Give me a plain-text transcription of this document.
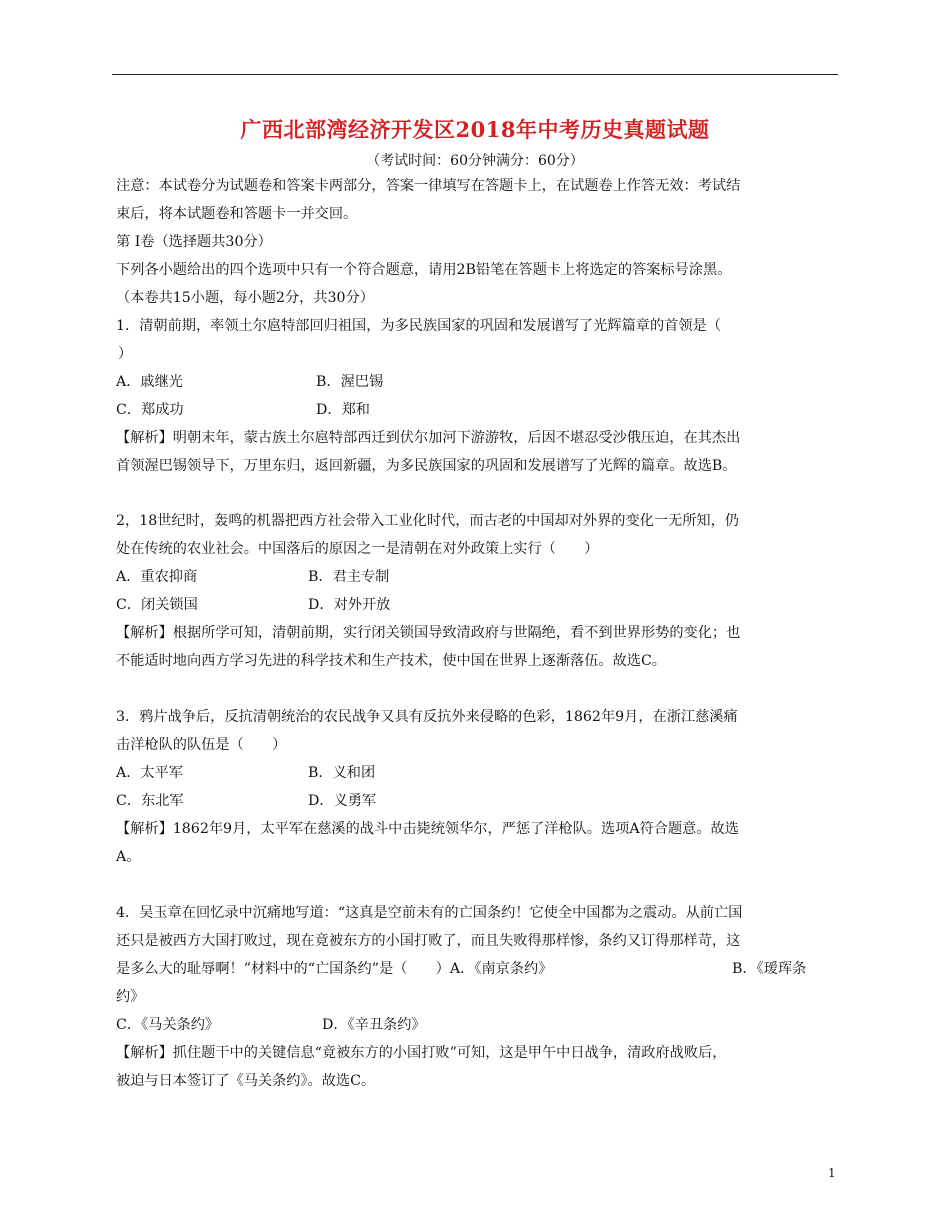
广西北部湾经济开发区2018年中考历史真题试题
（考试时间：60分钟满分：60分）
注意：本试卷分为试题卷和答案卡两部分，答案一律填写在答题卡上，在试题卷上作答无效：考试结
束后，将本试题卷和答题卡一并交回。
第 Ⅰ卷（选择题共30分）
下列各小题给出的四个选项中只有一个符合题意，请用2B铅笔在答题卡上将选定的答案标号涂黑。
（本卷共15小题，每小题2分，共30分）
1．清朝前期，率领土尔扈特部回归祖国，为多民族国家的巩固和发展谱写了光辉篇章的首领是（
）
A．戚继光	B．渥巴锡
C．郑成功	D．郑和
【解析】明朝末年，蒙古族土尔扈特部西迁到伏尔加河下游游牧，后因不堪忍受沙俄压迫，在其杰出
首领渥巴锡领导下，万里东归，返回新疆，为多民族国家的巩固和发展谱写了光辉的篇章。故选B。
2，18世纪时，轰鸣的机器把西方社会带入工业化时代，而古老的中国却对外界的变化一无所知，仍
处在传统的农业社会。中国落后的原因之一是清朝在对外政策上实行（　　）
A．重农抑商	B．君主专制
C．闭关锁国	D．对外开放
【解析】根据所学可知，清朝前期，实行闭关锁国导致清政府与世隔绝，看不到世界形势的变化；也
不能适时地向西方学习先进的科学技术和生产技术，使中国在世界上逐渐落伍。故选C。
3．鸦片战争后，反抗清朝统治的农民战争又具有反抗外来侵略的色彩，1862年9月，在浙江慈溪痛
击洋枪队的队伍是（　　）
A．太平军	B．义和团
C．东北军	D．义勇军
【解析】1862年9月，太平军在慈溪的战斗中击毙统领华尔，严惩了洋枪队。选项A符合题意。故选
A。
4．吴玉章在回忆录中沉痛地写道：“这真是空前未有的亡国条约！它使全中国都为之震动。从前亡国
还只是被西方大国打败过，现在竟被东方的小国打败了，而且失败得那样惨，条约又订得那样苛，这
是多么大的耻辱啊！”材料中的“亡国条约”是（　　）A．《南京条约》	B．《瑷珲条
约》
C．《马关条约》	D．《辛丑条约》
【解析】抓住题干中的关键信息“竟被东方的小国打败”可知，这是甲午中日战争，清政府战败后，
被迫与日本签订了《马关条约》。故选C。
1
